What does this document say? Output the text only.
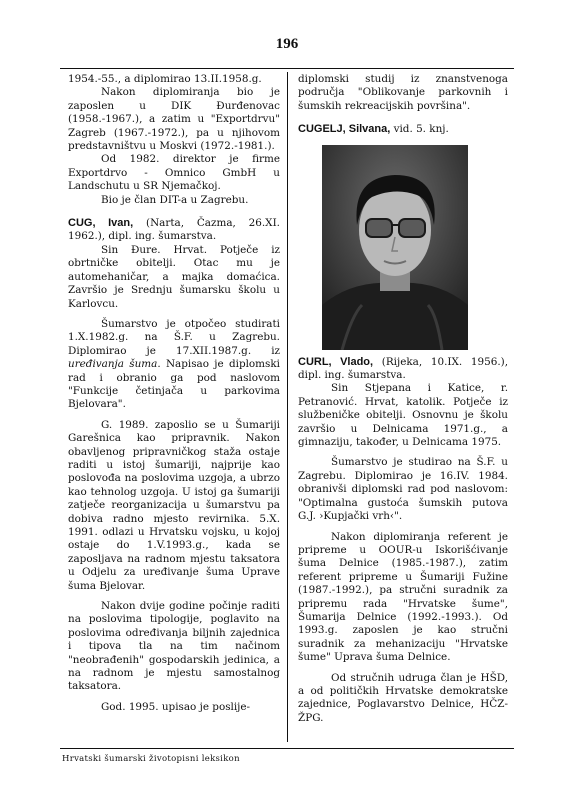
196

1954.-55., a diplomirao 13.II.1958.g.

Nakon diplomiranja bio je zaposlen u DIK Đurđenovac (1958.-1967.), a zatim u "Exportdrvu" Zagreb (1967.-1972.), pa u njihovom predstavništvu u Moskvi (1972.-1981.).

Od 1982. direktor je firme Exportdrvo - Omnico GmbH u Landschutu u SR Njemačkoj.

Bio je član DIT-a u Zagrebu.

CUG, Ivan, (Narta, Čazma, 26.XI. 1962.), dipl. ing. šumarstva.

Sin Đure. Hrvat. Potječe iz obrtničke obitelji. Otac mu je automehaničar, a majka domaćica. Završio je Srednju šumarsku školu u Karlovcu.

Šumarstvo je otpočeo studirati 1.X.1982.g. na Š.F. u Zagrebu. Diplomirao je 17.XII.1987.g. iz uređivanja šuma. Napisao je diplomski rad i obranio ga pod naslovom "Funkcije četinjača u parkovima Bjelovara".

G. 1989. zaposlio se u Šumariji Garešnica kao pripravnik. Nakon obavljenog pripravničkog staža ostaje raditi u istoj šumariji, najprije kao poslovođa na poslovima uzgoja, a ubrzo kao tehnolog uzgoja. U istoj ga šumariji zatječe reorganizacija u šumarstvu pa dobiva radno mjesto revirnika. 5.X. 1991. odlazi u Hrvatsku vojsku, u kojoj ostaje do 1.V.1993.g., kada se zaposljava na radnom mjestu taksatora u Odjelu za uređivanje šuma Uprave šuma Bjelovar.

Nakon dvije godine počinje raditi na poslovima tipologije, poglavito na poslovima određivanja biljnih zajednica i tipova tla na tim načinom "neobrađenih" gospodarskih jedinica, a na radnom je mjestu samostalnog taksatora.

God. 1995. upisao je poslije-

diplomski studij iz znanstvenoga područja "Oblikovanje parkovnih i šumskih rekreacijskih površina".

CUGELJ, Silvana, vid. 5. knj.

CURL, Vlado, (Rijeka, 10.IX. 1956.), dipl. ing. šumarstva.

Sin Stjepana i Katice, r. Petranović. Hrvat, katolik. Potječe iz službeničke obitelji. Osnovnu je školu završio u Delnicama 1971.g., a gimnaziju, također, u Delnicama 1975.

Šumarstvo je studirao na Š.F. u Zagrebu. Diplomirao je 16.IV. 1984. obranivši diplomski rad pod naslovom: "Optimalna gustoća šumskih putova G.J. ›Kupjački vrh‹".

Nakon diplomiranja referent je pripreme u OOUR-u Iskorišćivanje šuma Delnice (1985.-1987.), zatim referent pripreme u Šumariji Fužine (1987.-1992.), pa stručni suradnik za pripremu rada "Hrvatske šume", Šumarija Delnice (1992.-1993.). Od 1993.g. zaposlen je kao stručni suradnik za mehanizaciju "Hrvatske šume" Uprava šuma Delnice.

Od stručnih udruga član je HŠD, a od političkih Hrvatske demokratske zajednice, Poglavarstvo Delnice, HČZ-ŽPG.

Hrvatski šumarski životopisni leksikon
